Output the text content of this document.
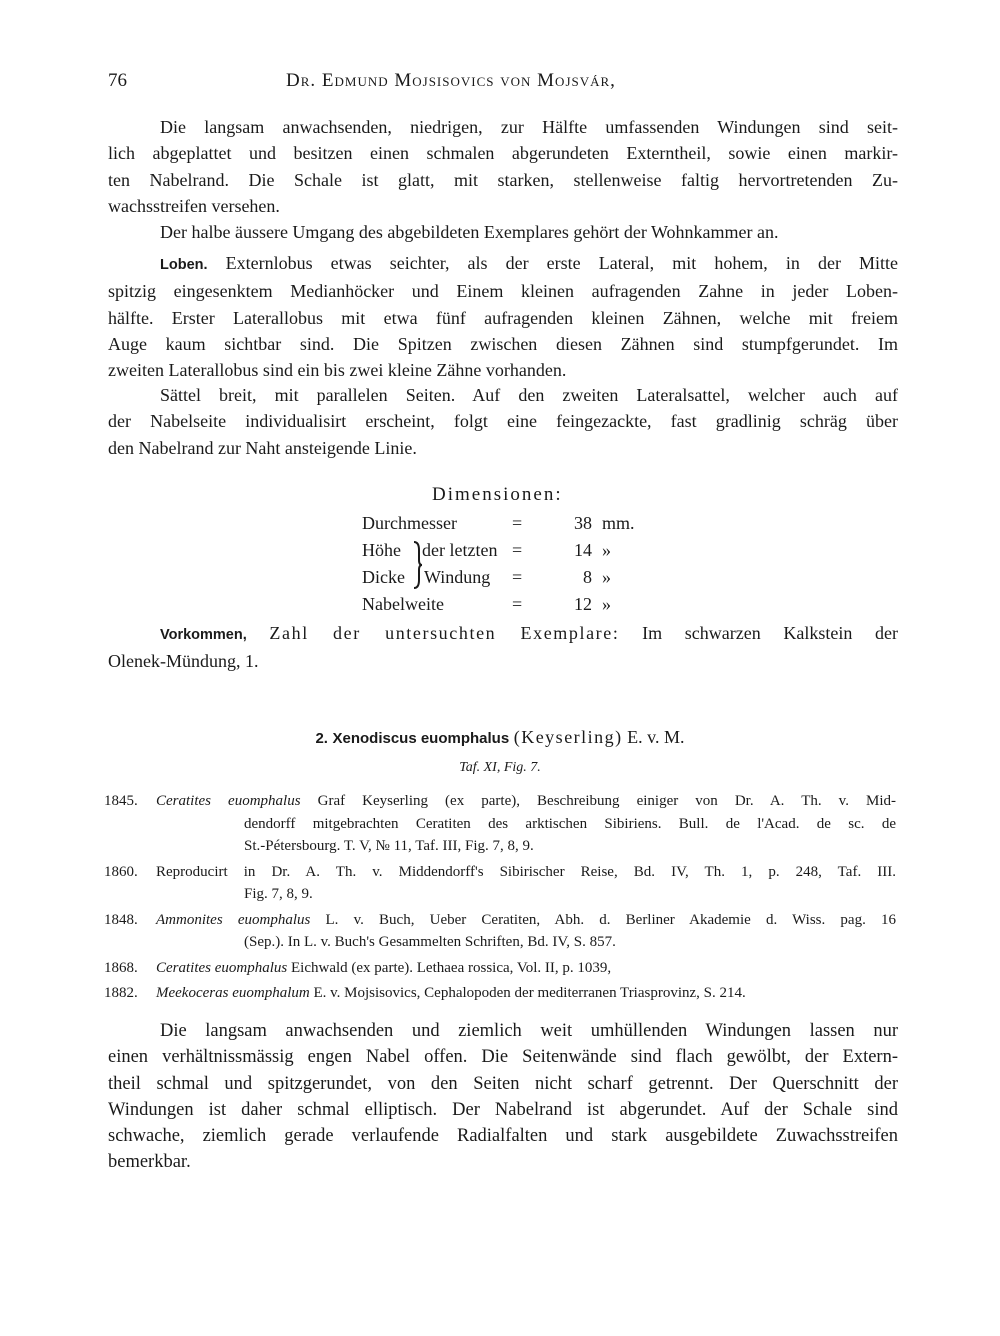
76	Dr. Edmund Mojsisovics von Mojsvár,
Die langsam anwachsenden, niedrigen, zur Hälfte umfassenden Windungen sind seit-
lich abgeplattet und besitzen einen schmalen abgerundeten Externtheil, sowie einen markir-
ten Nabelrand. Die Schale ist glatt, mit starken, stellenweise faltig hervortretenden Zu-
wachsstreifen versehen.
Der halbe äussere Umgang des abgebildeten Exemplares gehört der Wohnkammer an.
Loben. Externlobus etwas seichter, als der erste Lateral, mit hohem, in der Mitte
spitzig eingesenktem Medianhöcker und Einem kleinen aufragenden Zahne in jeder Loben-
hälfte. Erster Laterallobus mit etwa fünf aufragenden kleinen Zähnen, welche mit freiem
Auge kaum sichtbar sind. Die Spitzen zwischen diesen Zähnen sind stumpfgerundet. Im
zweiten Laterallobus sind ein bis zwei kleine Zähne vorhanden.
Sättel breit, mit parallelen Seiten. Auf den zweiten Lateralsattel, welcher auch auf
der Nabelseite individualisirt erscheint, folgt eine feingezackte, fast gradlinig schräg über
den Nabelrand zur Naht ansteigende Linie.
Dimensionen:
Durchmesser	=	38 mm.
Höhe der letzten =	14 »
Dicke Windung =	8 »
Nabelweite	=	12 »
Vorkommen, Zahl der untersuchten Exemplare: Im schwarzen Kalkstein der
Olenek-Mündung, 1.
2. Xenodiscus euomphalus (Keyserling) E. v. M.
Taf. XI, Fig. 7.
1845. Ceratites euomphalus Graf Keyserling (ex parte), Beschreibung einiger von Dr. A. Th. v. Mid-
dendorff mitgebrachten Ceratiten des arktischen Sibiriens. Bull. de l'Acad. de sc. de
St.-Pétersbourg. T. V, № 11, Taf. III, Fig. 7, 8, 9.
1860. Reproducirt in Dr. A. Th. v. Middendorff's Sibirischer Reise, Bd. IV, Th. 1, p. 248, Taf. III.
Fig. 7, 8, 9.
1848. Ammonites euomphalus L. v. Buch, Ueber Ceratiten, Abh. d. Berliner Akademie d. Wiss. pag. 16
(Sep.). In L. v. Buch's Gesammelten Schriften, Bd. IV, S. 857.
1868. Ceratites euomphalus Eichwald (ex parte). Lethaea rossica, Vol. II, p. 1039,
1882. Meekoceras euomphalum E. v. Mojsisovics, Cephalopoden der mediterranen Triasprovinz, S. 214.
Die langsam anwachsenden und ziemlich weit umhüllenden Windungen lassen nur
einen verhältnissmässig engen Nabel offen. Die Seitenwände sind flach gewölbt, der Extern-
theil schmal und spitzgerundet, von den Seiten nicht scharf getrennt. Der Querschnitt der
Windungen ist daher schmal elliptisch. Der Nabelrand ist abgerundet. Auf der Schale sind
schwache, ziemlich gerade verlaufende Radialfalten und stark ausgebildete Zuwachsstreifen
bemerkbar.
